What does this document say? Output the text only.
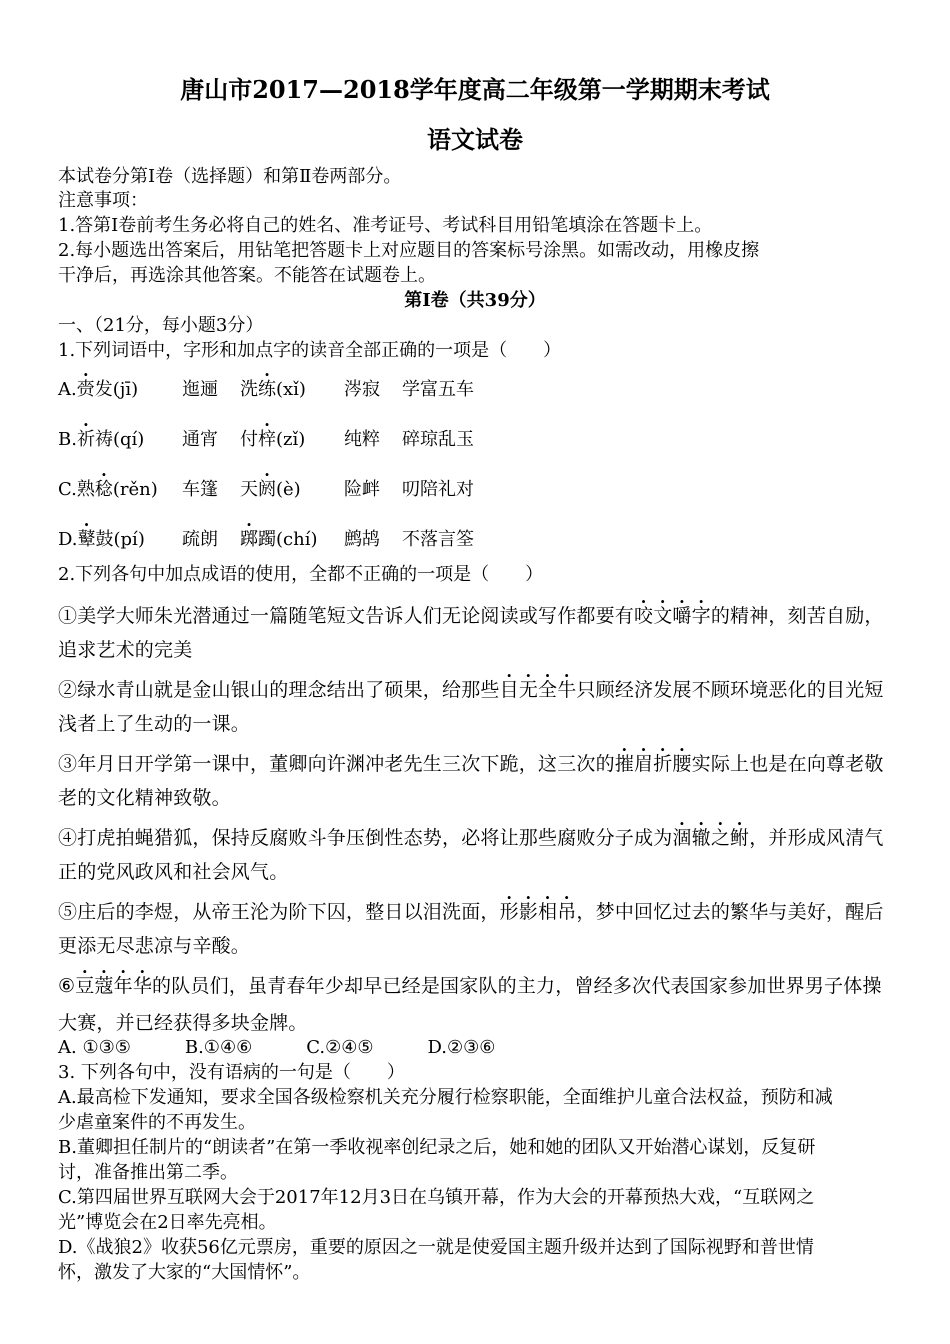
唐山市2017—2018学年度高二年级第一学期期末考试
语文试卷
本试卷分第Ⅰ卷（选择题）和第Ⅱ卷两部分。
注意事项：
1.答第Ⅰ卷前考生务必将自己的姓名、准考证号、考试科目用铅笔填涂在答题卡上。
2.每小题选出答案后，用钻笔把答题卡上对应题目的答案标号涂黑。如需改动，用橡皮擦
干净后，再选涂其他答案。不能答在试题卷上。
第Ⅰ卷（共39分）
一、（21分，每小题3分）
1.下列词语中，字形和加点字的读音全部正确的一项是（　　）
A.赍发(jī) 迤逦 洗练(xǐ) 涔寂 学富五车
B.祈祷(qí) 通宵 付梓(zǐ) 纯粹 碎琼乱玉
C.熟稔(rěn) 车篷 天阏(è) 险衅 叨陪礼对
D.鼙鼓(pí) 疏朗 踯躅(chí) 鹧鸪 不落言筌
2.下列各句中加点成语的使用，全都不正确的一项是（　　）
①美学大师朱光潜通过一篇随笔短文告诉人们无论阅读或写作都要有咬文嚼字的精神，刻苦自励，
追求艺术的完美
②绿水青山就是金山银山的理念结出了硕果，给那些目无全牛只顾经济发展不顾环境恶化的目光短
浅者上了生动的一课。
③年月日开学第一课中，董卿向许渊冲老先生三次下跪，这三次的摧眉折腰实际上也是在向尊老敬
老的文化精神致敬。
④打虎拍蝇猎狐，保持反腐败斗争压倒性态势，必将让那些腐败分子成为涸辙之鲋，并形成风清气
正的党风政风和社会风气。
⑤庄后的李煜，从帝王沦为阶下囚，整日以泪洗面，形影相吊，梦中回忆过去的繁华与美好，醒后
更添无尽悲凉与辛酸。
⑥豆蔻年华的队员们，虽青春年少却早已经是国家队的主力，曾经多次代表国家参加世界男子体操
大赛，并已经获得多块金牌。
A. ①③⑤　　　B.①④⑥　　　C.②④⑤　　　D.②③⑥
3. 下列各句中，没有语病的一句是（　　）
A.最高检下发通知，要求全国各级检察机关充分履行检察职能，全面维护儿童合法权益，预防和减
少虐童案件的不再发生。
B.董卿担任制片的“朗读者”在第一季收视率创纪录之后，她和她的团队又开始潜心谋划，反复研
讨，准备推出第二季。
C.第四届世界互联网大会于2017年12月3日在乌镇开幕，作为大会的开幕预热大戏，“互联网之
光”博览会在2日率先亮相。
D.《战狼2》收获56亿元票房，重要的原因之一就是使爱国主题升级并达到了国际视野和普世情
怀，激发了大家的“大国情怀”。
